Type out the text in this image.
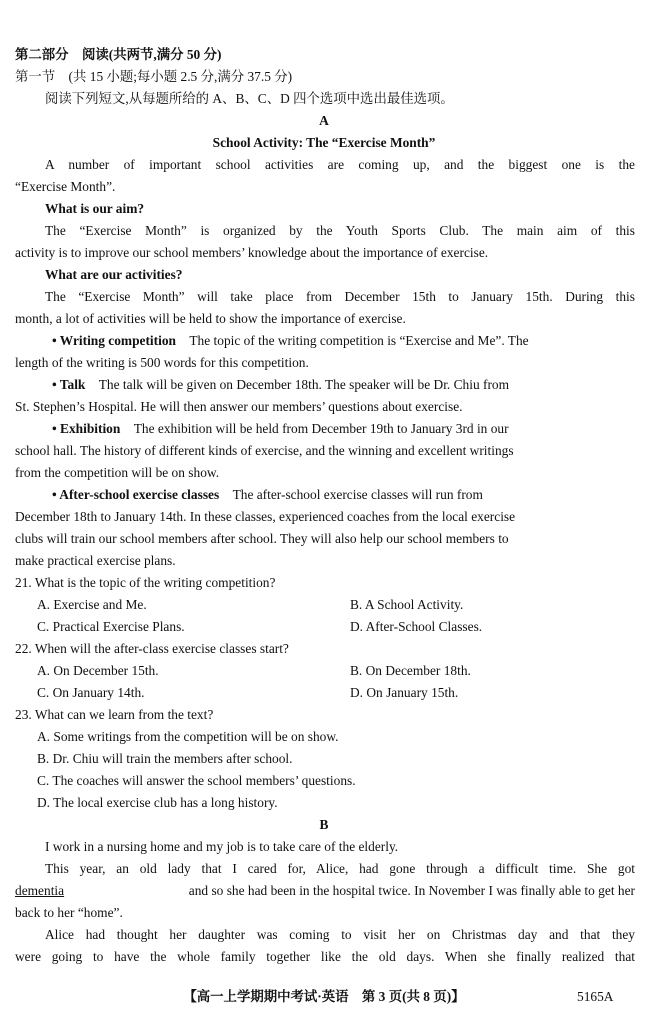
第二部分　阅读(共两节,满分 50 分)
第一节　(共 15 小题;每小题 2.5 分,满分 37.5 分)
阅读下列短文,从每题所给的 A、B、C、D 四个选项中选出最佳选项。
A
School Activity: The “Exercise Month”
A number of important school activities are coming up, and the biggest one is the
“Exercise Month”.
What is our aim?
The “Exercise Month” is organized by the Youth Sports Club. The main aim of this
activity is to improve our school members’ knowledge about the importance of exercise.
What are our activities?
The “Exercise Month” will take place from December 15th to January 15th. During this
month, a lot of activities will be held to show the importance of exercise.
• Writing competition The topic of the writing competition is “Exercise and Me”. The
length of the writing is 500 words for this competition.
• Talk The talk will be given on December 18th. The speaker will be Dr. Chiu from
St. Stephen’s Hospital. He will then answer our members’ questions about exercise.
• Exhibition The exhibition will be held from December 19th to January 3rd in our
school hall. The history of different kinds of exercise, and the winning and excellent writings
from the competition will be on show.
• After-school exercise classes The after-school exercise classes will run from
December 18th to January 14th. In these classes, experienced coaches from the local exercise
clubs will train our school members after school. They will also help our school members to
make practical exercise plans.
21. What is the topic of the writing competition?
A. Exercise and Me.	B. A School Activity.
C. Practical Exercise Plans.	D. After-School Classes.
22. When will the after-class exercise classes start?
A. On December 15th.	B. On December 18th.
C. On January 14th.	D. On January 15th.
23. What can we learn from the text?
A. Some writings from the competition will be on show.
B. Dr. Chiu will train the members after school.
C. The coaches will answer the school members’ questions.
D. The local exercise club has a long history.
B
I work in a nursing home and my job is to take care of the elderly.
This year, an old lady that I cared for, Alice, had gone through a difficult time. She got
dementia	and so she had been in the hospital twice. In November I was finally able to get her
back to her “home”.
Alice had thought her daughter was coming to visit her on Christmas day and that they
were going to have the whole family together like the old days. When she finally realized that
【高一上学期期中考试·英语　第 3 页(共 8 页)】	5165A
